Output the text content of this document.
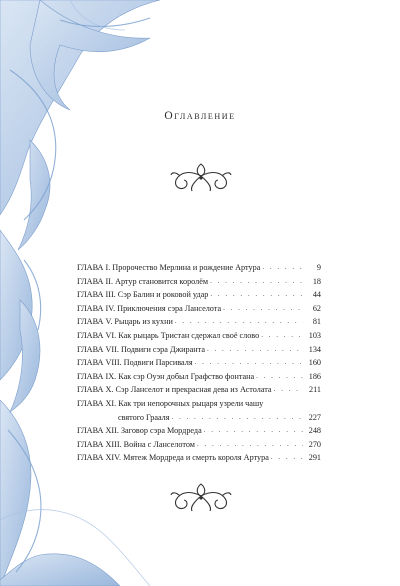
Оглавление
ГЛАВА I. Пророчество Мерлина и рождение Артура . . .	9
ГЛАВА II. Артур становится королём . . .	18
ГЛАВА III. Сэр Балин и роковой удар . . .	44
ГЛАВА IV. Приключения сэра Ланселота . . .	62
ГЛАВА V. Рыцарь из кухни . . .	81
ГЛАВА VI. Как рыцарь Тристан сдержал своё слово . . .	103
ГЛАВА VII. Подвиги сэра Джиранта . . .	134
ГЛАВА VIII. Подвиги Парсиваля . . .	160
ГЛАВА IX. Как сэр Оуэн добыл Графство фонтана . . .	186
ГЛАВА X. Сэр Ланселот и прекрасная дева из Астолата . . .	211
ГЛАВА XI. Как три непорочных рыцаря узрели чашу
святого Грааля . . .	227
ГЛАВА XII. Заговор сэра Мордреда . . .	248
ГЛАВА XIII. Война с Ланселотом . . .	270
ГЛАВА XIV. Мятеж Мордреда и смерть короля Артура . . .	291
